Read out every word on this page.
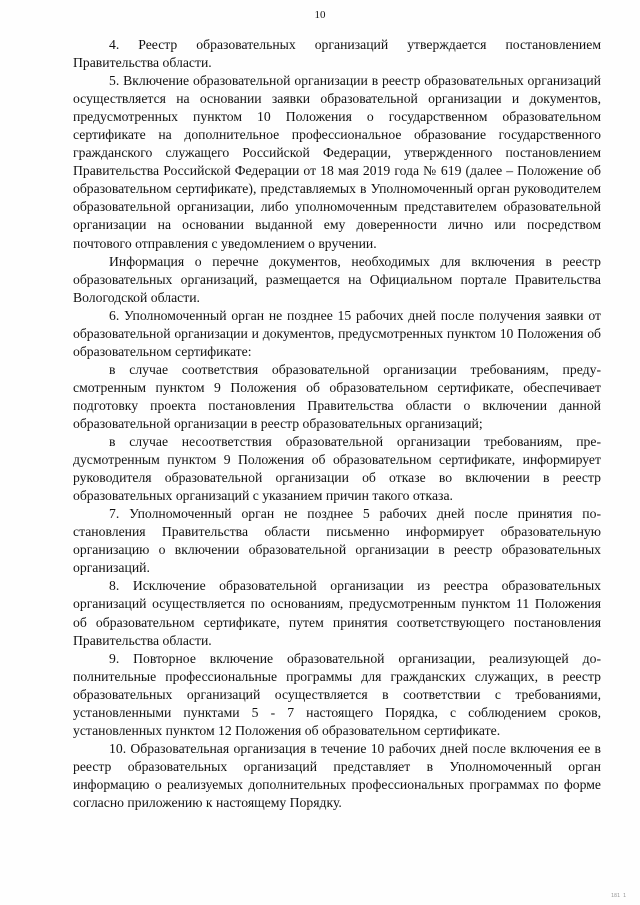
10

4. Реестр образовательных организаций утверждается постановлением Правительства области.

5. Включение образовательной организации в реестр образовательных организаций осуществляется на основании заявки образовательной организации и документов, предусмотренных пунктом 10 Положения о государственном образовательном сертификате на дополнительное профессиональное образование государственного гражданского служащего Российской Федерации, утвержденного постановлением Правительства Российской Федерации от 18 мая 2019 года № 619 (далее – Положение об образовательном сертификате), представляемых в Уполномоченный орган руководителем образовательной организации, либо уполномоченным представителем образовательной организации на основании выданной ему доверенности лично или посредством почтового отправления с уведомлением о вручении.

Информация о перечне документов, необходимых для включения в реестр образовательных организаций, размещается на Официальном портале Правительства Вологодской области.

6. Уполномоченный орган не позднее 15 рабочих дней после получения заявки от образовательной организации и документов, предусмотренных пунктом 10 Положения об образовательном сертификате:

в случае соответствия образовательной организации требованиям, предусмотренным пунктом 9 Положения об образовательном сертификате, обеспечивает подготовку проекта постановления Правительства области о включении данной образовательной организации в реестр образовательных организаций;

в случае несоответствия образовательной организации требованиям, предусмотренным пунктом 9 Положения об образовательном сертификате, информирует руководителя образовательной организации об отказе во включении в реестр образовательных организаций с указанием причин такого отказа.

7. Уполномоченный орган не позднее 5 рабочих дней после принятия постановления Правительства области письменно информирует образовательную организацию о включении образовательной организации в реестр образовательных организаций.

8. Исключение образовательной организации из реестра образовательных организаций осуществляется по основаниям, предусмотренным пунктом 11 Положения об образовательном сертификате, путем принятия соответствующего постановления Правительства области.

9. Повторное включение образовательной организации, реализующей дополнительные профессиональные программы для гражданских служащих, в реестр образовательных организаций осуществляется в соответствии с требованиями, установленными пунктами 5 - 7 настоящего Порядка, с соблюдением сроков, установленных пунктом 12 Положения об образовательном сертификате.

10. Образовательная организация в течение 10 рабочих дней после включения ее в реестр образовательных организаций представляет в Уполномоченный орган информацию о реализуемых дополнительных профессиональных программах по форме согласно приложению к настоящему Порядку.

181 1
